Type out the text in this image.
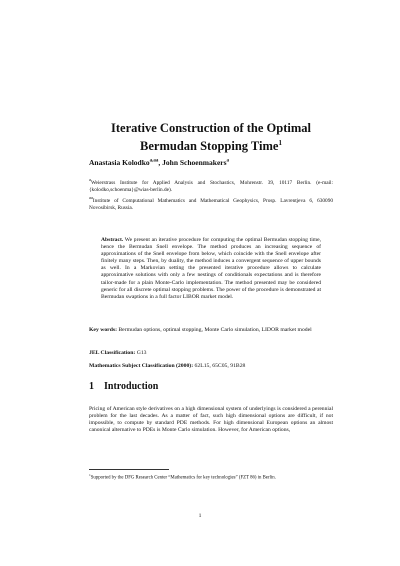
Iterative Construction of the Optimal
Bermudan Stopping Time$^1$

Anastasia Kolodko$^{a,aa}$, John Schoenmakers$^a$

$^a$Weierstrass Institute for Applied Analysis and Stochastics, Mohrenstr. 39, 10117 Berlin. (e-mail: {kolodko,schoenma}@wias-berlin.de).

$^{aa}$Institute of Computational Mathematics and Mathematical Geophysics, Prosp. Lavrentjeva 6, 630090 Novosibirsk, Russia.

Abstract. We present an iterative procedure for computing the optimal Bermudan stopping time, hence the Bermudan Snell envelope. The method produces an increasing sequence of approximations of the Snell envelope from below, which coincide with the Snell envelope after finitely many steps. Then, by duality, the method induces a convergent sequence of upper bounds as well. In a Markovian setting the presented iterative procedure allows to calculate approximative solutions with only a few nestings of conditionals expectations and is therefore tailor-made for a plain Monte-Carlo implementation. The method presented may be considered generic for all discrete optimal stopping problems. The power of the procedure is demonstrated at Bermudan swaptions in a full factor LIBOR market model.

Key words: Bermudan options, optimal stopping, Monte Carlo simulation, LIDOR market model
JEL Classification: G13
Mathematics Subject Classification (2000): 62L15, 65C05, 91B28
1 Introduction

Pricing of American style derivatives on a high dimensional system of underlyings is considered a perennial problem for the last decades. As a matter of fact, such high dimensional options are difficult, if not impossible, to compute by standard PDE methods. For high dimensional European options an almost canonical alternative to PDEs is Monte Carlo simulation. However, for American options,

$^1$Supported by the DFG Research Center “Mathematics for key technologies” (FZT 86) in Berlin.

1
